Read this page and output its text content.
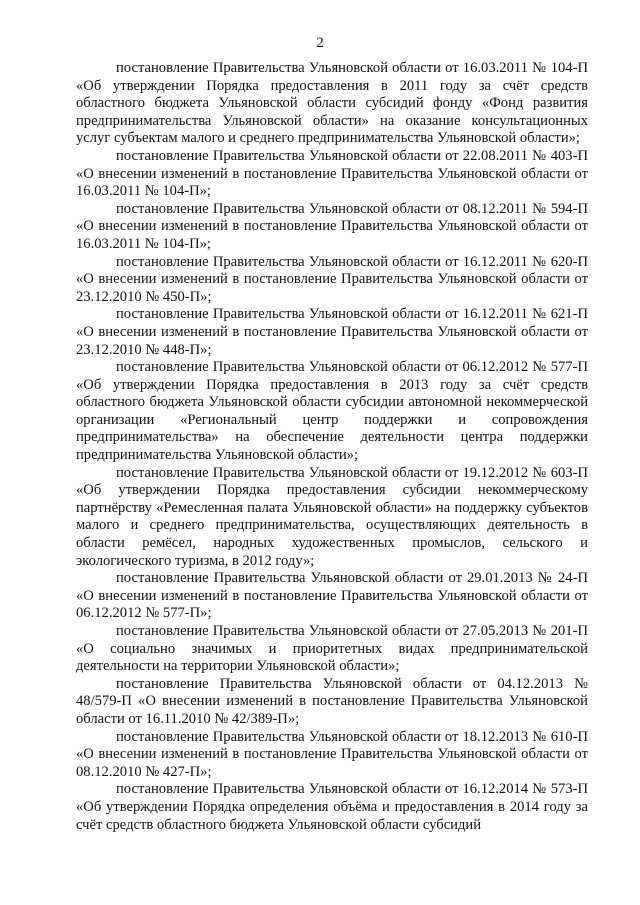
2

постановление Правительства Ульяновской области от 16.03.2011 № 104-П «Об утверждении Порядка предоставления в 2011 году за счёт средств областного бюджета Ульяновской области субсидий фонду «Фонд развития предпринимательства Ульяновской области» на оказание консультационных услуг субъектам малого и среднего предпринимательства Ульяновской области»;

постановление Правительства Ульяновской области от 22.08.2011 № 403-П «О внесении изменений в постановление Правительства Ульяновской области от 16.03.2011 № 104-П»;

постановление Правительства Ульяновской области от 08.12.2011 № 594-П «О внесении изменений в постановление Правительства Ульяновской области от 16.03.2011 № 104-П»;

постановление Правительства Ульяновской области от 16.12.2011 № 620-П «О внесении изменений в постановление Правительства Ульяновской области от 23.12.2010 № 450-П»;

постановление Правительства Ульяновской области от 16.12.2011 № 621-П «О внесении изменений в постановление Правительства Ульяновской области от 23.12.2010 № 448-П»;

постановление Правительства Ульяновской области от 06.12.2012 № 577-П «Об утверждении Порядка предоставления в 2013 году за счёт средств областного бюджета Ульяновской области субсидии автономной некоммерческой организации «Региональный центр поддержки и сопровождения предпринимательства» на обеспечение деятельности центра поддержки предпринимательства Ульяновской области»;

постановление Правительства Ульяновской области от 19.12.2012 № 603-П «Об утверждении Порядка предоставления субсидии некоммерческому партнёрству «Ремесленная палата Ульяновской области» на поддержку субъектов малого и среднего предпринимательства, осуществляющих деятельность в области ремёсел, народных художественных промыслов, сельского и экологического туризма, в 2012 году»;

постановление Правительства Ульяновской области от 29.01.2013 № 24-П «О внесении изменений в постановление Правительства Ульяновской области от 06.12.2012 № 577-П»;

постановление Правительства Ульяновской области от 27.05.2013 № 201-П «О социально значимых и приоритетных видах предпринимательской деятельности на территории Ульяновской области»;

постановление Правительства Ульяновской области от 04.12.2013 № 48/579-П «О внесении изменений в постановление Правительства Ульяновской области от 16.11.2010 № 42/389-П»;

постановление Правительства Ульяновской области от 18.12.2013 № 610-П «О внесении изменений в постановление Правительства Ульяновской области от 08.12.2010 № 427-П»;

постановление Правительства Ульяновской области от 16.12.2014 № 573-П «Об утверждении Порядка определения объёма и предоставления в 2014 году за счёт средств областного бюджета Ульяновской области субсидий
